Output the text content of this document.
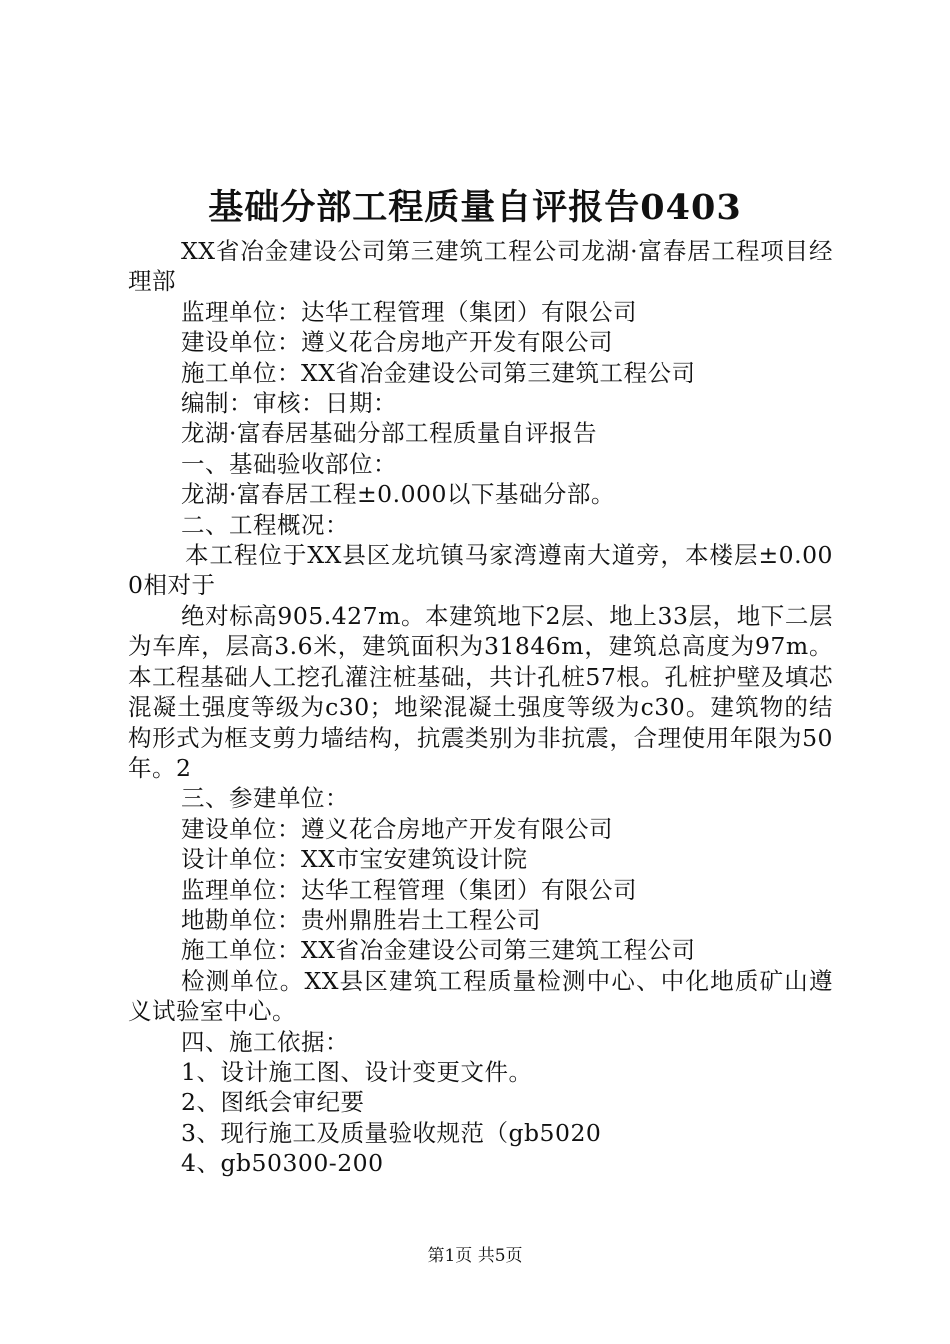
基础分部工程质量自评报告0403

XX省冶金建设公司第三建筑工程公司龙湖·富春居工程项目经理部

监理单位：达华工程管理（集团）有限公司

建设单位：遵义花合房地产开发有限公司

施工单位：XX省冶金建设公司第三建筑工程公司

编制：审核：日期：

龙湖·富春居基础分部工程质量自评报告

一、基础验收部位：

龙湖·富春居工程±0.000以下基础分部。

二、工程概况：

本工程位于XX县区龙坑镇马家湾遵南大道旁，本楼层±0.000相对于

绝对标高905.427m。本建筑地下2层、地上33层，地下二层为车库，层高3.6米，建筑面积为31846m，建筑总高度为97m。本工程基础人工挖孔灌注桩基础，共计孔桩57根。孔桩护壁及填芯混凝土强度等级为c30；地梁混凝土强度等级为c30。建筑物的结构形式为框支剪力墙结构，抗震类别为非抗震，合理使用年限为50年。2

三、参建单位：

建设单位：遵义花合房地产开发有限公司

设计单位：XX市宝安建筑设计院

监理单位：达华工程管理（集团）有限公司

地勘单位：贵州鼎胜岩土工程公司

施工单位：XX省冶金建设公司第三建筑工程公司

检测单位。XX县区建筑工程质量检测中心、中化地质矿山遵义试验室中心。

四、施工依据：

1、设计施工图、设计变更文件。

2、图纸会审纪要

3、现行施工及质量验收规范（gb5020

4、gb50300-200

第1页 共5页
